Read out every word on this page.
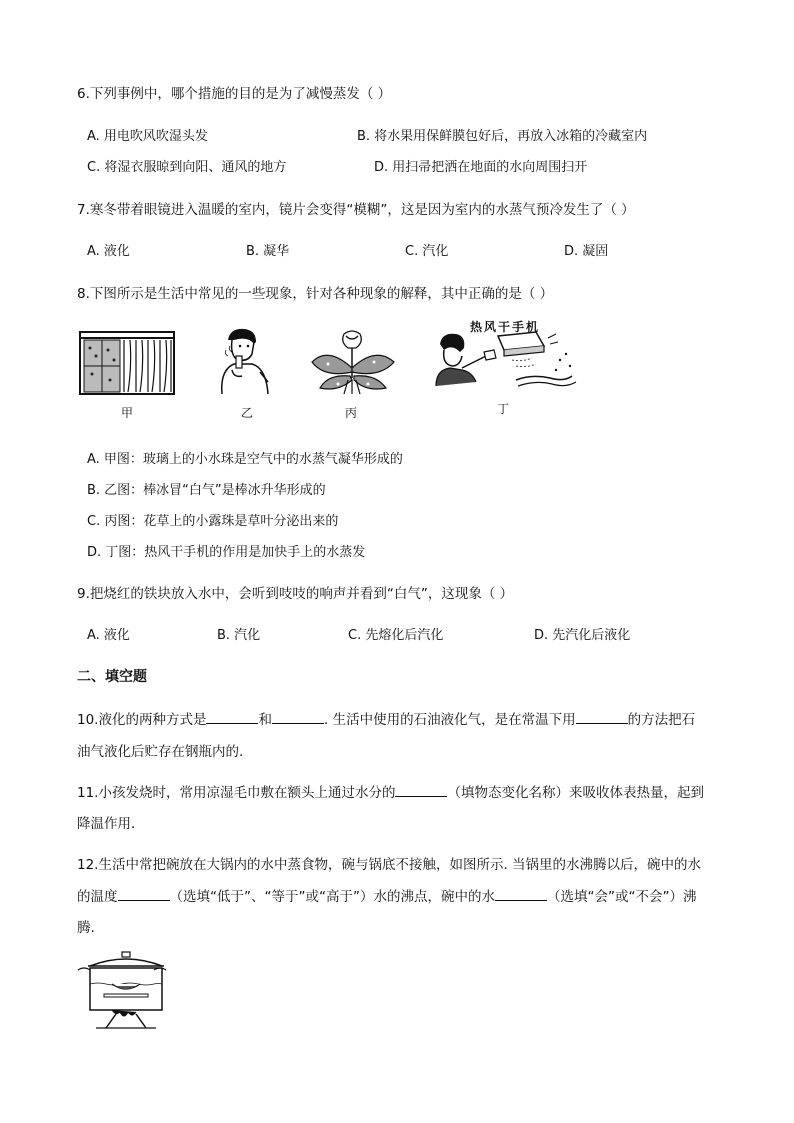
6.下列事例中，哪个措施的目的是为了减慢蒸发（ ）
A. 用电吹风吹湿头发	B. 将水果用保鲜膜包好后，再放入冰箱的冷藏室内
C. 将湿衣服晾到向阳、通风的地方	D. 用扫帚把洒在地面的水向周围扫开
7.寒冬带着眼镜进入温暖的室内，镜片会变得“模糊”，这是因为室内的水蒸气预冷发生了（ ）
A. 液化	B. 凝华	C. 汽化	D. 凝固
8.下图所示是生活中常见的一些现象，针对各种现象的解释，其中正确的是（ ）
甲	乙	丙
热风干手机
丁
A. 甲图：玻璃上的小水珠是空气中的水蒸气凝华形成的
B. 乙图：棒冰冒“白气”是棒冰升华形成的
C. 丙图：花草上的小露珠是草叶分泌出来的
D. 丁图：热风干手机的作用是加快手上的水蒸发
9.把烧红的铁块放入水中，会听到吱吱的响声并看到“白气”，这现象（ ）
A. 液化	B. 汽化	C. 先熔化后汽化	D. 先汽化后液化
二、填空题
10.液化的两种方式是	和	. 生活中使用的石油液化气，是在常温下用	的方法把石
油气液化后贮存在钢瓶内的.
11.小孩发烧时，常用凉湿毛巾敷在额头上通过水分的	（填物态变化名称）来吸收体表热量，起到
降温作用.
12.生活中常把碗放在大锅内的水中蒸食物，碗与锅底不接触，如图所示. 当锅里的水沸腾以后，碗中的水
的温度	（选填“低于”、“等于”或“高于”）水的沸点，碗中的水	（选填“会”或“不会”）沸
腾.
